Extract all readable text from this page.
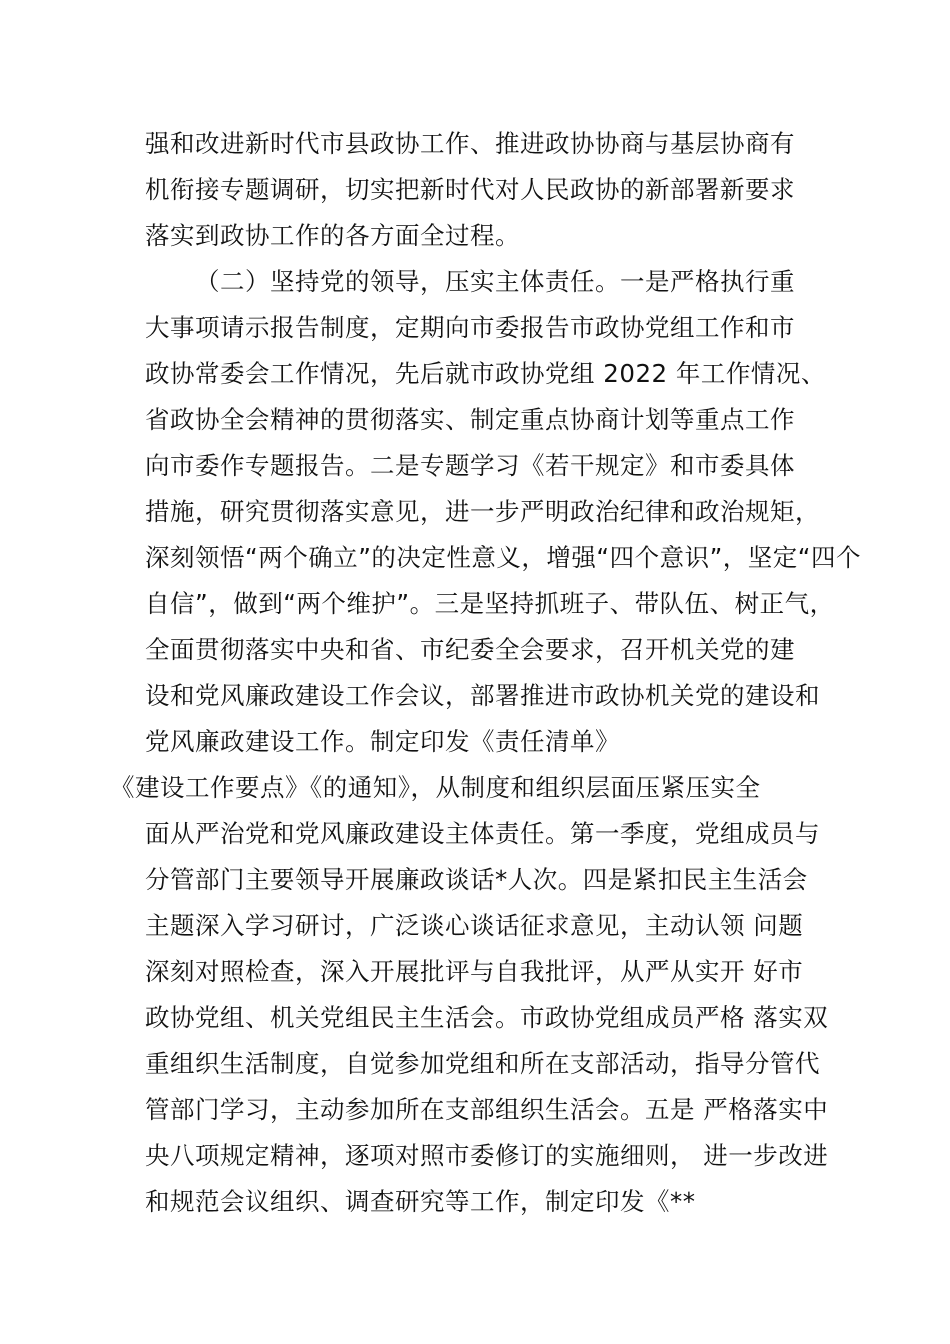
强和改进新时代市县政协工作、推进政协协商与基层协商有
机衔接专题调研，切实把新时代对人民政协的新部署新要求
落实到政协工作的各方面全过程。
（二）坚持党的领导，压实主体责任。一是严格执行重
大事项请示报告制度，定期向市委报告市政协党组工作和市
政协常委会工作情况，先后就市政协党组 2022 年工作情况、
省政协全会精神的贯彻落实、制定重点协商计划等重点工作
向市委作专题报告。二是专题学习《若干规定》和市委具体
措施，研究贯彻落实意见，进一步严明政治纪律和政治规矩，
深刻领悟“两个确立”的决定性意义，增强“四个意识”，坚定“四个
自信”，做到“两个维护”。三是坚持抓班子、带队伍、树正气，
全面贯彻落实中央和省、市纪委全会要求，召开机关党的建
设和党风廉政建设工作会议，部署推进市政协机关党的建设和
党风廉政建设工作。制定印发《责任清单》
《建设工作要点》《的通知》，从制度和组织层面压紧压实全
面从严治党和党风廉政建设主体责任。第一季度，党组成员与
分管部门主要领导开展廉政谈话*人次。四是紧扣民主生活会
主题深入学习研讨，广泛谈心谈话征求意见，主动认领 问题
深刻对照检查，深入开展批评与自我批评，从严从实开 好市
政协党组、机关党组民主生活会。市政协党组成员严格 落实双
重组织生活制度，自觉参加党组和所在支部活动，指导分管代
管部门学习，主动参加所在支部组织生活会。五是 严格落实中
央八项规定精神，逐项对照市委修订的实施细则， 进一步改进
和规范会议组织、调查研究等工作，制定印发《**
